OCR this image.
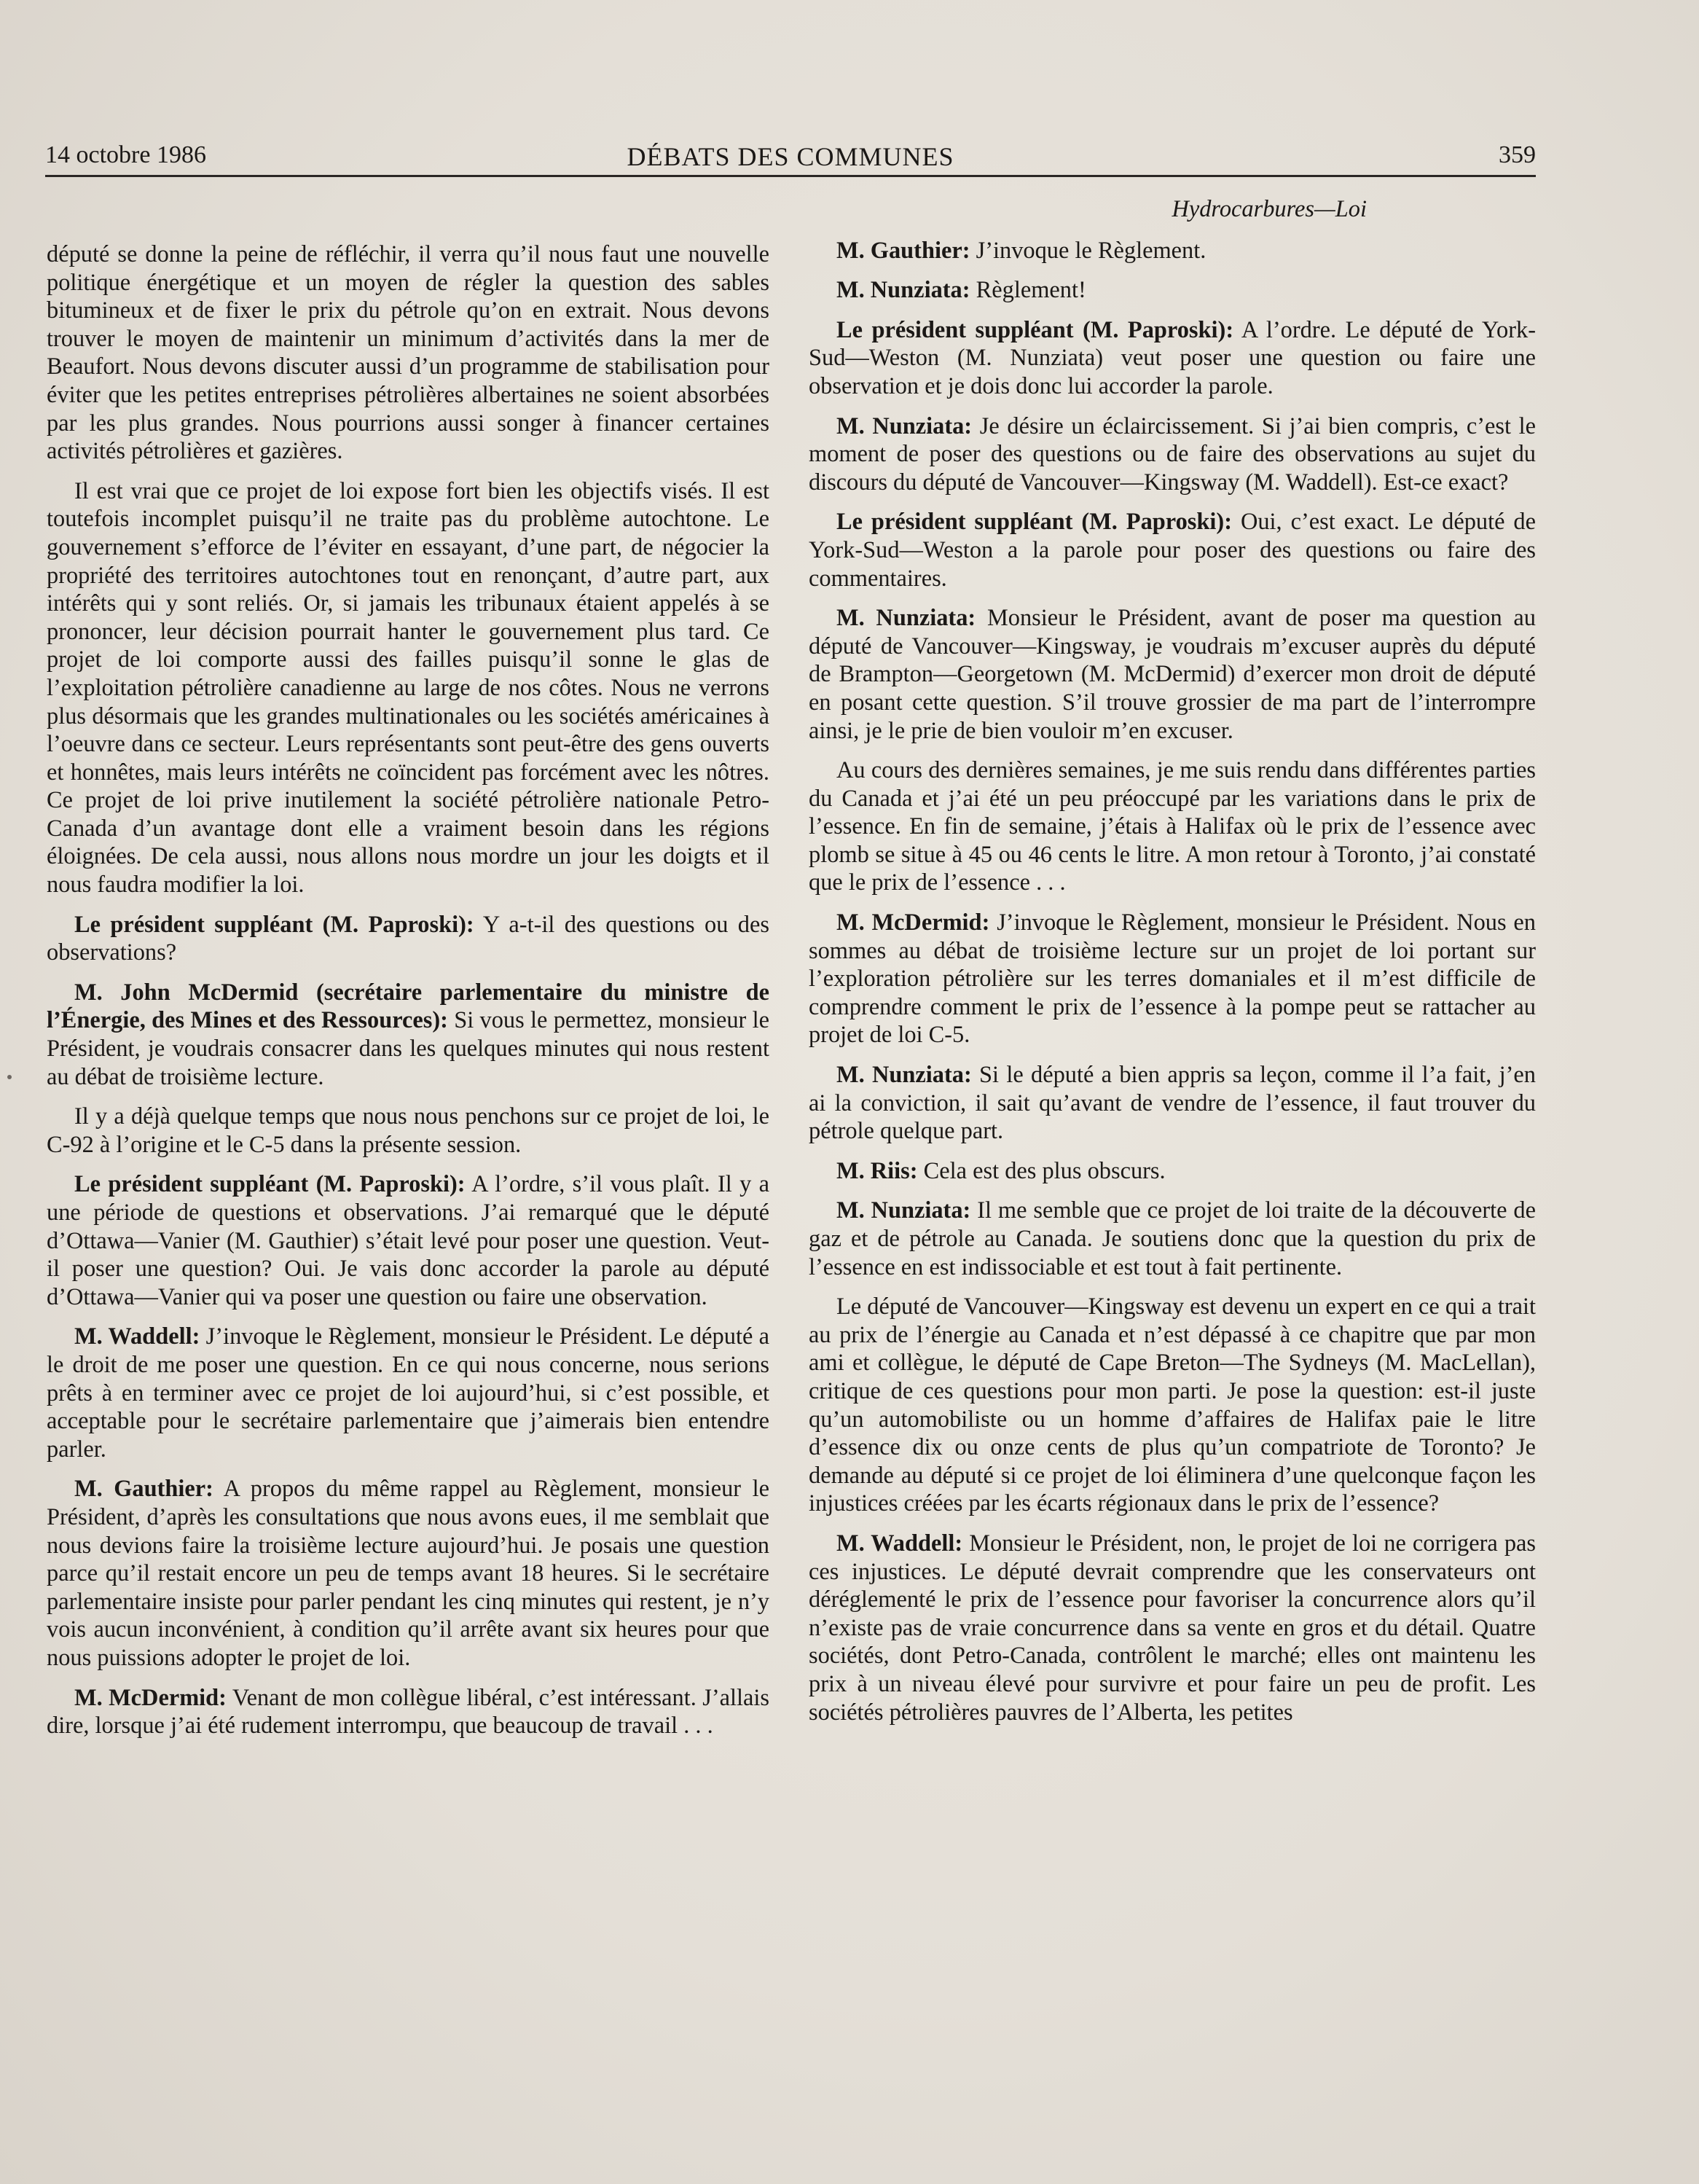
14 octobre 1986	DÉBATS DES COMMUNES	359

député se donne la peine de réfléchir, il verra qu’il nous faut une nouvelle politique énergétique et un moyen de régler la question des sables bitumineux et de fixer le prix du pétrole qu’on en extrait. Nous devons trouver le moyen de maintenir un minimum d’activités dans la mer de Beaufort. Nous devons discuter aussi d’un programme de stabilisation pour éviter que les petites entreprises pétrolières albertaines ne soient absorbées par les plus grandes. Nous pourrions aussi songer à financer certaines activités pétrolières et gazières.

Il est vrai que ce projet de loi expose fort bien les objectifs visés. Il est toutefois incomplet puisqu’il ne traite pas du problème autochtone. Le gouvernement s’efforce de l’éviter en essayant, d’une part, de négocier la propriété des territoires autochtones tout en renonçant, d’autre part, aux intérêts qui y sont reliés. Or, si jamais les tribunaux étaient appelés à se prononcer, leur décision pourrait hanter le gouvernement plus tard. Ce projet de loi comporte aussi des failles puisqu’il sonne le glas de l’exploitation pétrolière canadienne au large de nos côtes. Nous ne verrons plus désormais que les grandes multinationales ou les sociétés américaines à l’oeuvre dans ce secteur. Leurs représentants sont peut-être des gens ouverts et honnêtes, mais leurs intérêts ne coïncident pas forcément avec les nôtres. Ce projet de loi prive inutilement la société pétrolière nationale Petro-Canada d’un avantage dont elle a vraiment besoin dans les régions éloignées. De cela aussi, nous allons nous mordre un jour les doigts et il nous faudra modifier la loi.

Le président suppléant (M. Paproski): Y a-t-il des questions ou des observations?

M. John McDermid (secrétaire parlementaire du ministre de l’Énergie, des Mines et des Ressources): Si vous le permettez, monsieur le Président, je voudrais consacrer dans les quelques minutes qui nous restent au débat de troisième lecture.

Il y a déjà quelque temps que nous nous penchons sur ce projet de loi, le C-92 à l’origine et le C-5 dans la présente session.

Le président suppléant (M. Paproski): A l’ordre, s’il vous plaît. Il y a une période de questions et observations. J’ai remarqué que le député d’Ottawa—Vanier (M. Gauthier) s’était levé pour poser une question. Veut-il poser une question? Oui. Je vais donc accorder la parole au député d’Ottawa—Vanier qui va poser une question ou faire une observation.

M. Waddell: J’invoque le Règlement, monsieur le Président. Le député a le droit de me poser une question. En ce qui nous concerne, nous serions prêts à en terminer avec ce projet de loi aujourd’hui, si c’est possible, et acceptable pour le secrétaire parlementaire que j’aimerais bien entendre parler.

M. Gauthier: A propos du même rappel au Règlement, monsieur le Président, d’après les consultations que nous avons eues, il me semblait que nous devions faire la troisième lecture aujourd’hui. Je posais une question parce qu’il restait encore un peu de temps avant 18 heures. Si le secrétaire parlementaire insiste pour parler pendant les cinq minutes qui restent, je n’y vois aucun inconvénient, à condition qu’il arrête avant six heures pour que nous puissions adopter le projet de loi.

M. McDermid: Venant de mon collègue libéral, c’est intéressant. J’allais dire, lorsque j’ai été rudement interrompu, que beaucoup de travail . . .

Hydrocarbures—Loi

M. Gauthier: J’invoque le Règlement.

M. Nunziata: Règlement!

Le président suppléant (M. Paproski): A l’ordre. Le député de York-Sud—Weston (M. Nunziata) veut poser une question ou faire une observation et je dois donc lui accorder la parole.

M. Nunziata: Je désire un éclaircissement. Si j’ai bien compris, c’est le moment de poser des questions ou de faire des observations au sujet du discours du député de Vancouver—Kingsway (M. Waddell). Est-ce exact?

Le président suppléant (M. Paproski): Oui, c’est exact. Le député de York-Sud—Weston a la parole pour poser des questions ou faire des commentaires.

M. Nunziata: Monsieur le Président, avant de poser ma question au député de Vancouver—Kingsway, je voudrais m’excuser auprès du député de Brampton—Georgetown (M. McDermid) d’exercer mon droit de député en posant cette question. S’il trouve grossier de ma part de l’interrompre ainsi, je le prie de bien vouloir m’en excuser.

Au cours des dernières semaines, je me suis rendu dans différentes parties du Canada et j’ai été un peu préoccupé par les variations dans le prix de l’essence. En fin de semaine, j’étais à Halifax où le prix de l’essence avec plomb se situe à 45 ou 46 cents le litre. A mon retour à Toronto, j’ai constaté que le prix de l’essence . . .

M. McDermid: J’invoque le Règlement, monsieur le Président. Nous en sommes au débat de troisième lecture sur un projet de loi portant sur l’exploration pétrolière sur les terres domaniales et il m’est difficile de comprendre comment le prix de l’essence à la pompe peut se rattacher au projet de loi C-5.

M. Nunziata: Si le député a bien appris sa leçon, comme il l’a fait, j’en ai la conviction, il sait qu’avant de vendre de l’essence, il faut trouver du pétrole quelque part.

M. Riis: Cela est des plus obscurs.

M. Nunziata: Il me semble que ce projet de loi traite de la découverte de gaz et de pétrole au Canada. Je soutiens donc que la question du prix de l’essence en est indissociable et est tout à fait pertinente.

Le député de Vancouver—Kingsway est devenu un expert en ce qui a trait au prix de l’énergie au Canada et n’est dépassé à ce chapitre que par mon ami et collègue, le député de Cape Breton—The Sydneys (M. MacLellan), critique de ces questions pour mon parti. Je pose la question: est-il juste qu’un automobiliste ou un homme d’affaires de Halifax paie le litre d’essence dix ou onze cents de plus qu’un compatriote de Toronto? Je demande au député si ce projet de loi éliminera d’une quelconque façon les injustices créées par les écarts régionaux dans le prix de l’essence?

M. Waddell: Monsieur le Président, non, le projet de loi ne corrigera pas ces injustices. Le député devrait comprendre que les conservateurs ont déréglementé le prix de l’essence pour favoriser la concurrence alors qu’il n’existe pas de vraie concurrence dans sa vente en gros et du détail. Quatre sociétés, dont Petro-Canada, contrôlent le marché; elles ont maintenu les prix à un niveau élevé pour survivre et pour faire un peu de profit. Les sociétés pétrolières pauvres de l’Alberta, les petites
